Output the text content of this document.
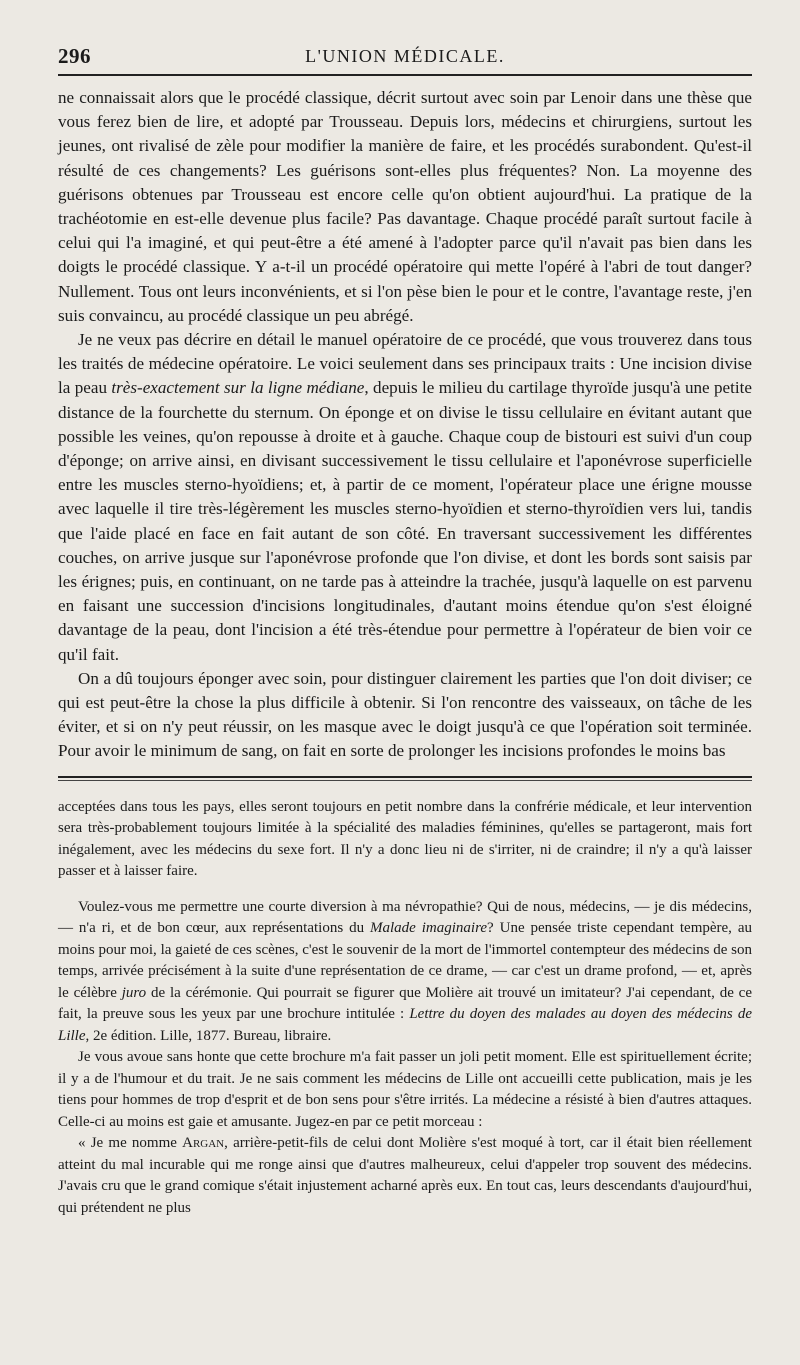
296	L'UNION MÉDICALE.

ne connaissait alors que le procédé classique, décrit surtout avec soin par Lenoir dans une thèse que vous ferez bien de lire, et adopté par Trousseau. Depuis lors, médecins et chirurgiens, surtout les jeunes, ont rivalisé de zèle pour modifier la manière de faire, et les procédés surabondent. Qu'est-il résulté de ces changements? Les guérisons sont-elles plus fréquentes? Non. La moyenne des guérisons obtenues par Trousseau est encore celle qu'on obtient aujourd'hui. La pratique de la trachéotomie en est-elle devenue plus facile? Pas davantage. Chaque procédé paraît surtout facile à celui qui l'a imaginé, et qui peut-être a été amené à l'adopter parce qu'il n'avait pas bien dans les doigts le procédé classique. Y a-t-il un procédé opératoire qui mette l'opéré à l'abri de tout danger? Nullement. Tous ont leurs inconvénients, et si l'on pèse bien le pour et le contre, l'avantage reste, j'en suis convaincu, au procédé classique un peu abrégé.

Je ne veux pas décrire en détail le manuel opératoire de ce procédé, que vous trouverez dans tous les traités de médecine opératoire. Le voici seulement dans ses principaux traits : Une incision divise la peau très-exactement sur la ligne médiane, depuis le milieu du cartilage thyroïde jusqu'à une petite distance de la fourchette du sternum. On éponge et on divise le tissu cellulaire en évitant autant que possible les veines, qu'on repousse à droite et à gauche. Chaque coup de bistouri est suivi d'un coup d'éponge; on arrive ainsi, en divisant successivement le tissu cellulaire et l'aponévrose superficielle entre les muscles sterno-hyoïdiens; et, à partir de ce moment, l'opérateur place une érigne mousse avec laquelle il tire très-légèrement les muscles sterno-hyoïdien et sterno-thyroïdien vers lui, tandis que l'aide placé en face en fait autant de son côté. En traversant successivement les différentes couches, on arrive jusque sur l'aponévrose profonde que l'on divise, et dont les bords sont saisis par les érignes; puis, en continuant, on ne tarde pas à atteindre la trachée, jusqu'à laquelle on est parvenu en faisant une succession d'incisions longitudinales, d'autant moins étendue qu'on s'est éloigné davantage de la peau, dont l'incision a été très-étendue pour permettre à l'opérateur de bien voir ce qu'il fait.

On a dû toujours éponger avec soin, pour distinguer clairement les parties que l'on doit diviser; ce qui est peut-être la chose la plus difficile à obtenir. Si l'on rencontre des vaisseaux, on tâche de les éviter, et si on n'y peut réussir, on les masque avec le doigt jusqu'à ce que l'opération soit terminée. Pour avoir le minimum de sang, on fait en sorte de prolonger les incisions profondes le moins bas

acceptées dans tous les pays, elles seront toujours en petit nombre dans la confrérie médicale, et leur intervention sera très-probablement toujours limitée à la spécialité des maladies féminines, qu'elles se partageront, mais fort inégalement, avec les médecins du sexe fort. Il n'y a donc lieu ni de s'irriter, ni de craindre; il n'y a qu'à laisser passer et à laisser faire.

Voulez-vous me permettre une courte diversion à ma névropathie? Qui de nous, médecins, — je dis médecins, — n'a ri, et de bon cœur, aux représentations du Malade imaginaire? Une pensée triste cependant tempère, au moins pour moi, la gaieté de ces scènes, c'est le souvenir de la mort de l'immortel contempteur des médecins de son temps, arrivée précisément à la suite d'une représentation de ce drame, — car c'est un drame profond, — et, après le célèbre juro de la cérémonie. Qui pourrait se figurer que Molière ait trouvé un imitateur? J'ai cependant, de ce fait, la preuve sous les yeux par une brochure intitulée : Lettre du doyen des malades au doyen des médecins de Lille, 2e édition. Lille, 1877. Bureau, libraire.

Je vous avoue sans honte que cette brochure m'a fait passer un joli petit moment. Elle est spirituellement écrite; il y a de l'humour et du trait. Je ne sais comment les médecins de Lille ont accueilli cette publication, mais je les tiens pour hommes de trop d'esprit et de bon sens pour s'être irrités. La médecine a résisté à bien d'autres attaques. Celle-ci au moins est gaie et amusante. Jugez-en par ce petit morceau :

« Je me nomme Argan, arrière-petit-fils de celui dont Molière s'est moqué à tort, car il était bien réellement atteint du mal incurable qui me ronge ainsi que d'autres malheureux, celui d'appeler trop souvent des médecins. J'avais cru que le grand comique s'était injustement acharné après eux. En tout cas, leurs descendants d'aujourd'hui, qui prétendent ne plus
